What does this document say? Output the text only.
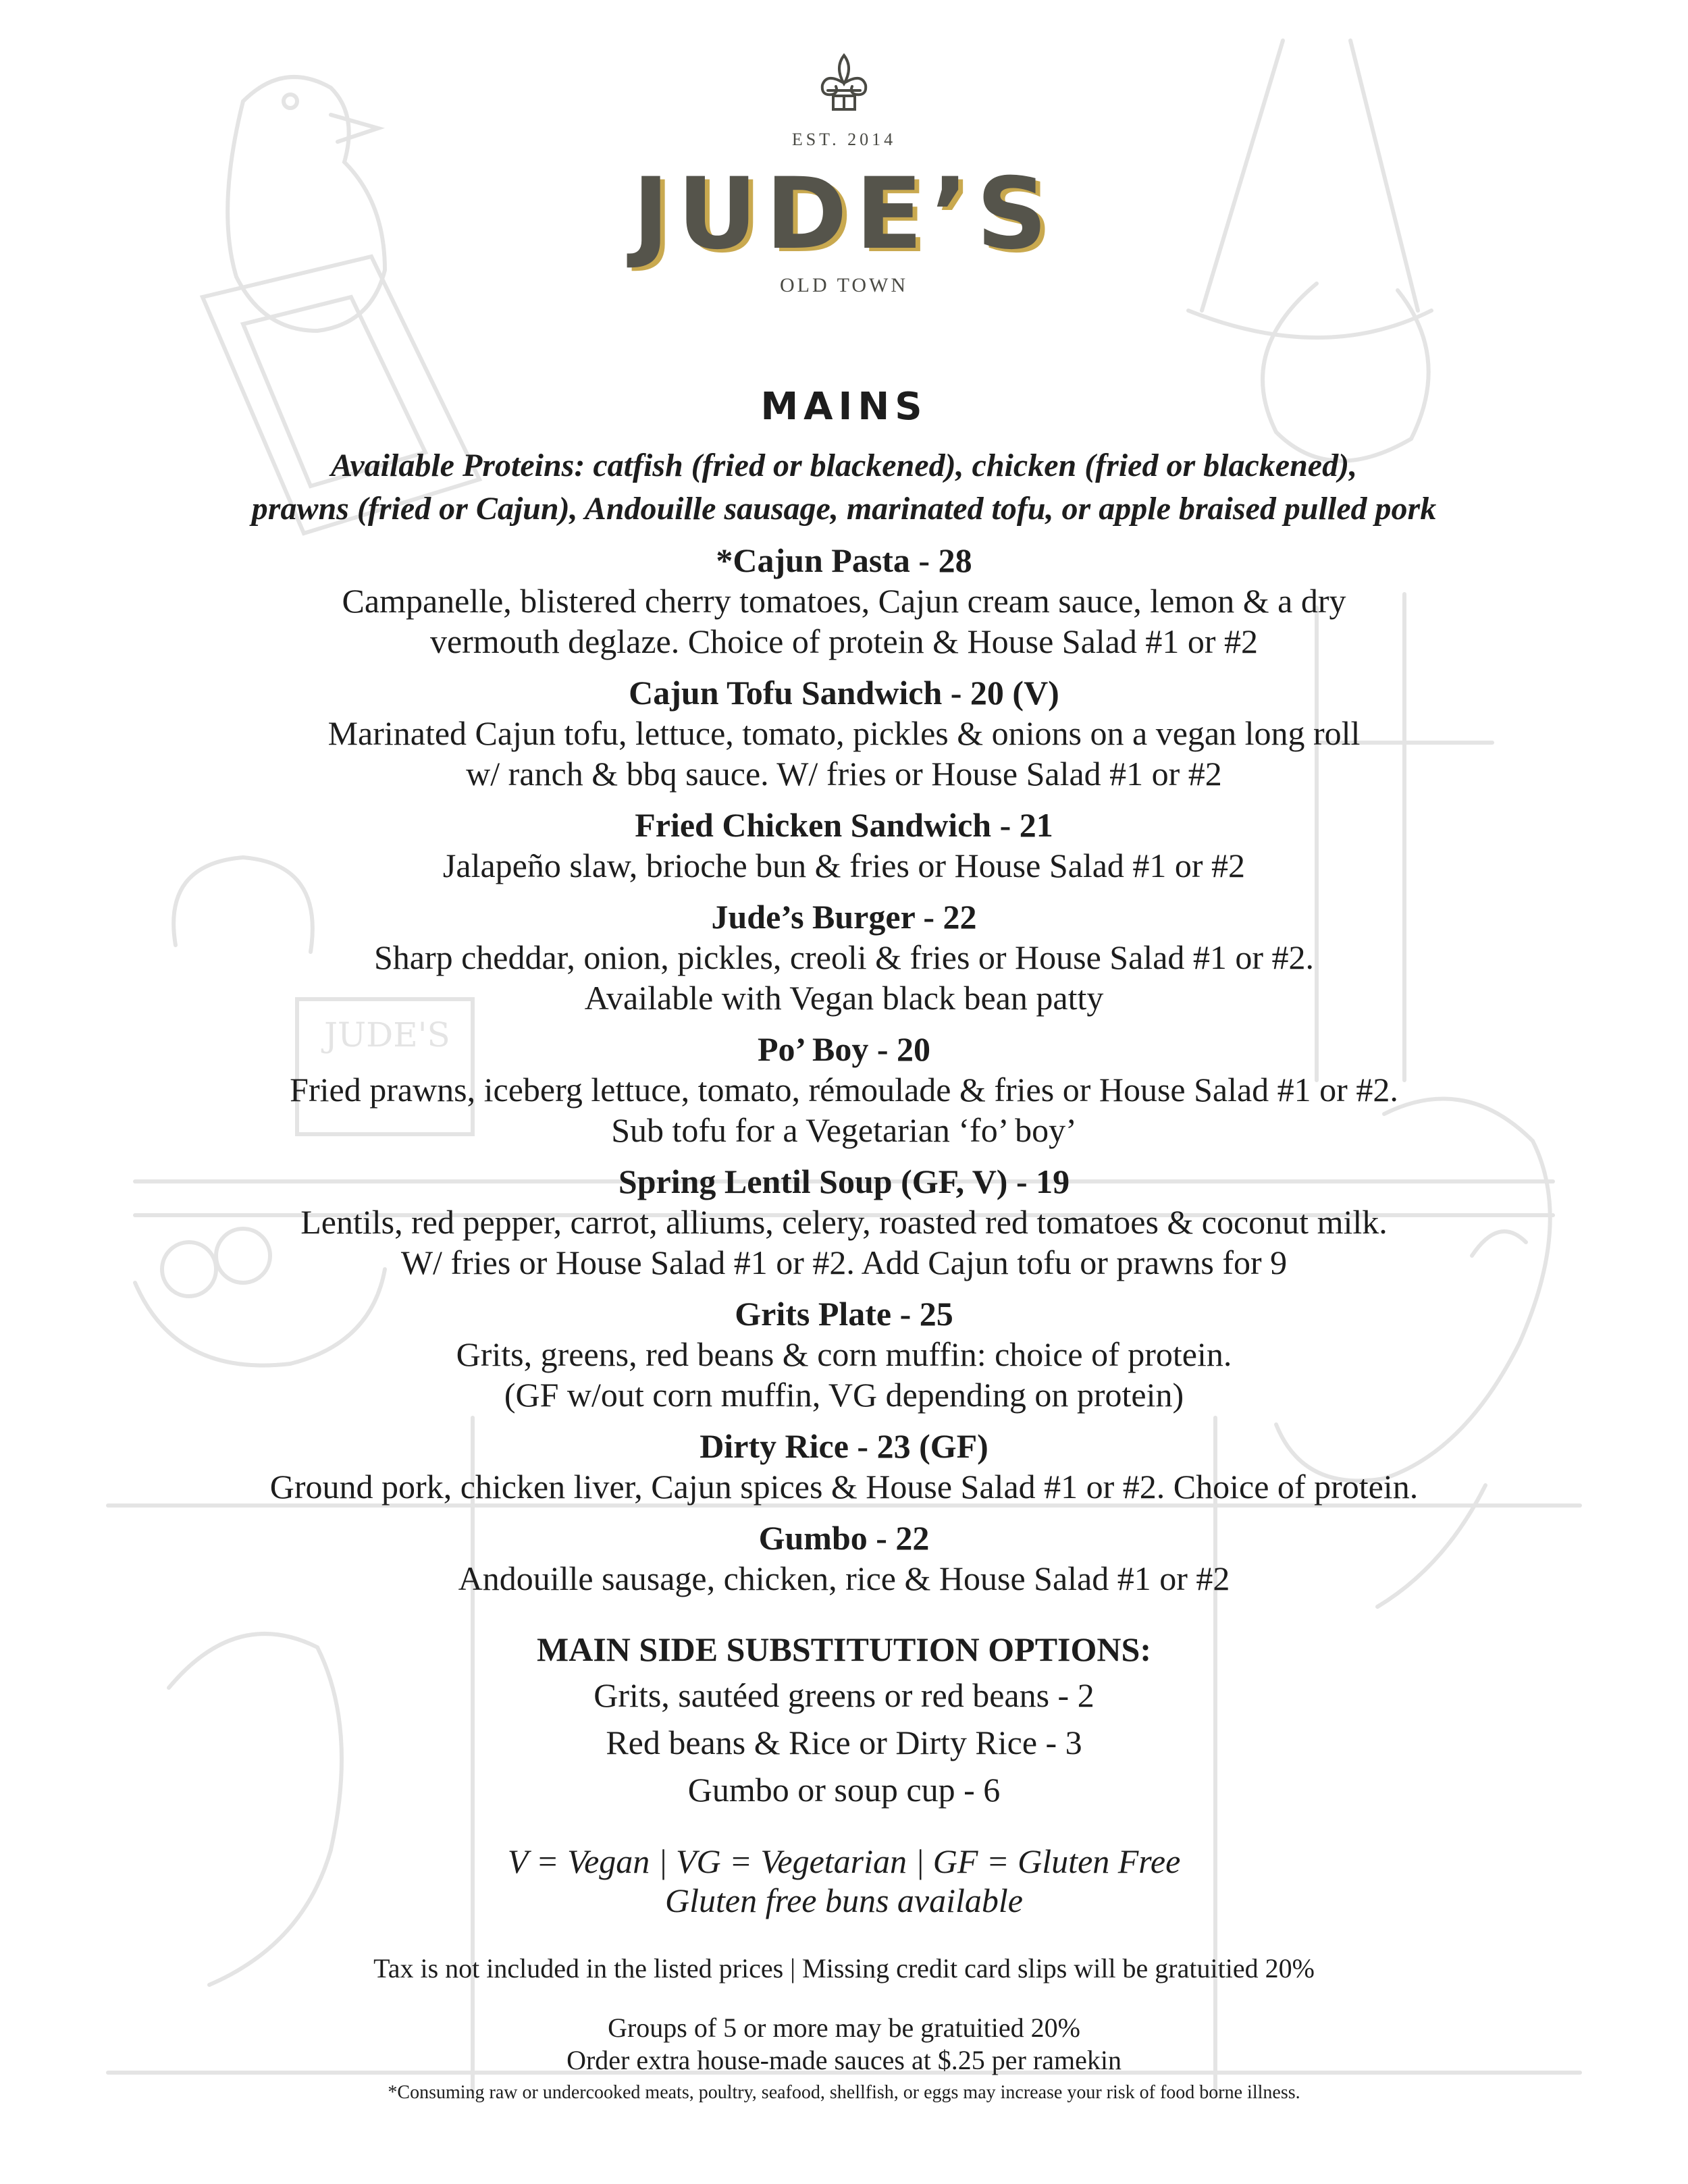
JUDE'S
EST. 2014
JUDE’S
OLD TOWN
MAINS
Available Proteins: catfish (fried or blackened), chicken (fried or blackened),
prawns (fried or Cajun), Andouille sausage, marinated tofu, or apple braised pulled pork
*Cajun Pasta - 28
Campanelle, blistered cherry tomatoes, Cajun cream sauce, lemon & a dry
vermouth deglaze. Choice of protein & House Salad #1 or #2
Cajun Tofu Sandwich - 20 (V)
Marinated Cajun tofu, lettuce, tomato, pickles & onions on a vegan long roll
w/ ranch & bbq sauce. W/ fries or House Salad #1 or #2
Fried Chicken Sandwich - 21
Jalapeño slaw, brioche bun & fries or House Salad #1 or #2
Jude’s Burger - 22
Sharp cheddar, onion, pickles, creoli & fries or House Salad #1 or #2.
Available with Vegan black bean patty
Po’ Boy - 20
Fried prawns, iceberg lettuce, tomato, rémoulade & fries or House Salad #1 or #2.
Sub tofu for a Vegetarian ‘fo’ boy’
Spring Lentil Soup (GF, V) - 19
Lentils, red pepper, carrot, alliums, celery, roasted red tomatoes & coconut milk.
W/ fries or House Salad #1 or #2. Add Cajun tofu or prawns for 9
Grits Plate - 25
Grits, greens, red beans & corn muffin: choice of protein.
(GF w/out corn muffin, VG depending on protein)
Dirty Rice - 23 (GF)
Ground pork, chicken liver, Cajun spices & House Salad #1 or #2. Choice of protein.
Gumbo - 22
Andouille sausage, chicken, rice & House Salad #1 or #2
MAIN SIDE SUBSTITUTION OPTIONS:
Grits, sautéed greens or red beans - 2
Red beans & Rice or Dirty Rice - 3
Gumbo or soup cup - 6
V = Vegan | VG = Vegetarian | GF = Gluten Free
Gluten free buns available
Tax is not included in the listed prices | Missing credit card slips will be gratuitied 20%
Groups of 5 or more may be gratuitied 20%
Order extra house-made sauces at $.25 per ramekin
*Consuming raw or undercooked meats, poultry, seafood, shellfish, or eggs may increase your risk of food borne illness.
